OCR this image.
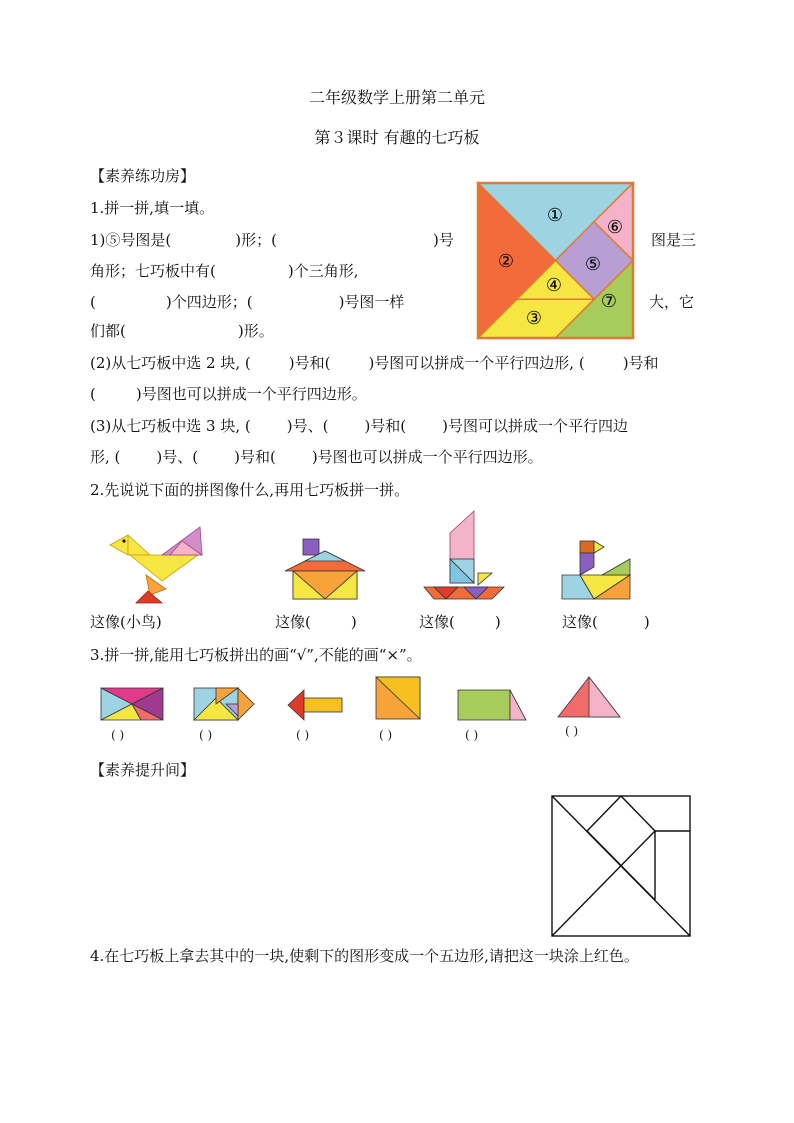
二年级数学上册第二单元
第３课时 有趣的七巧板
【素养练功房】
1.拼一拼,填一填。
1)⑤号图是(	)形；(	)号	图是三
角形；七巧板中有(	)个三角形,
(	)个四边形；(	)号图一样	大，它
们都(	)形。
①
②
③
④
⑤
⑥
⑦
(2)从七巧板中选 2 块, (	)号和(	)号图可以拼成一个平行四边形, (	)号和
(	)号图也可以拼成一个平行四边形。
(3)从七巧板中选 3 块, ( )号、( )号和( )号图可以拼成一个平行四边
形, ( )号、( )号和( )号图也可以拼成一个平行四边形。
2.先说说下面的拼图像什么,再用七巧板拼一拼。
这像(小鸟)	这像(	)	这像(	)	这像(	)
3.拼一拼,能用七巧板拼出的画“√”,不能的画“×”。
( )	( )	( )	( )	( )	( )
【素养提升间】
4.在七巧板上拿去其中的一块,使剩下的图形变成一个五边形,请把这一块涂上红色。
